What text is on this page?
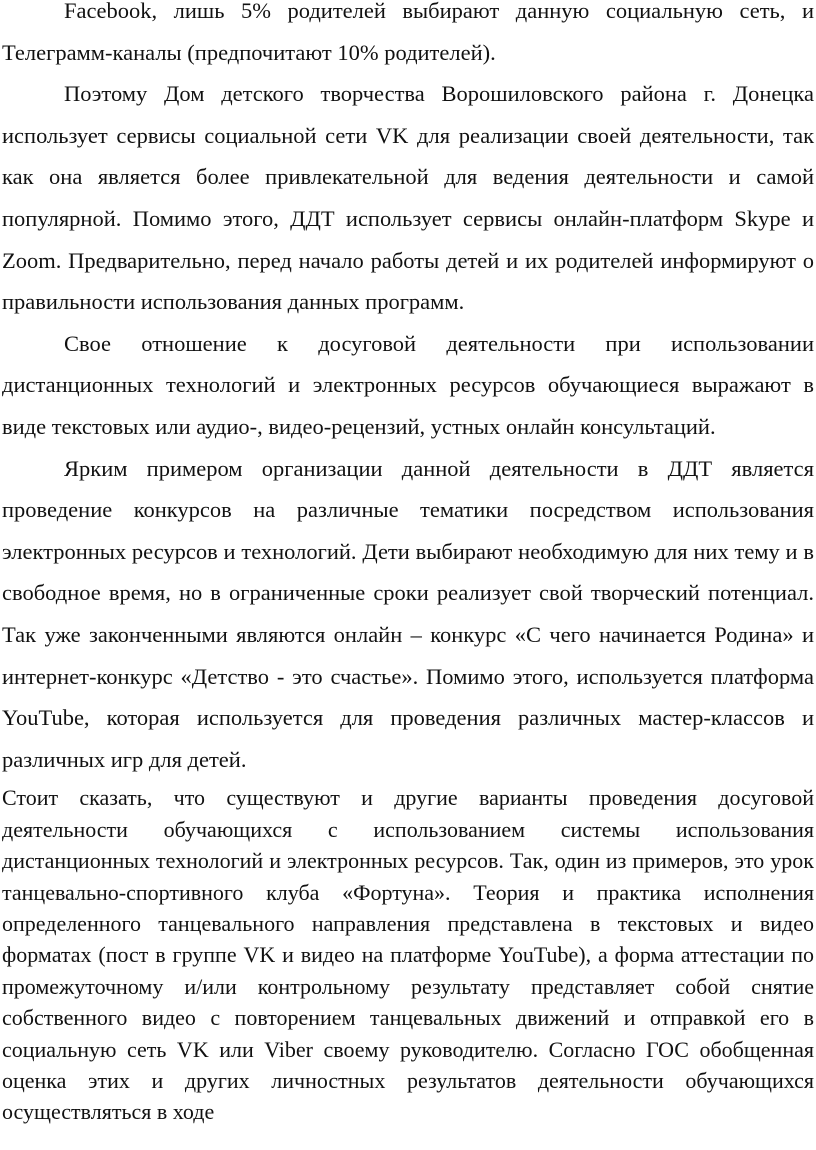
Facebook, лишь 5% родителей выбирают данную социальную сеть, и Телеграмм-каналы (предпочитают 10% родителей).

Поэтому Дом детского творчества Ворошиловского района г. Донецка использует сервисы социальной сети VK для реализации своей деятельности, так как она является более привлекательной для ведения деятельности и самой популярной. Помимо этого, ДДТ использует сервисы онлайн-платформ Skype и Zoom. Предварительно, перед начало работы детей и их родителей информируют о правильности использования данных программ.

Свое отношение к досуговой деятельности при использовании дистанционных технологий и электронных ресурсов обучающиеся выражают в виде текстовых или аудио-, видео-рецензий, устных онлайн консультаций.

Ярким примером организации данной деятельности в ДДТ является проведение конкурсов на различные тематики посредством использования электронных ресурсов и технологий. Дети выбирают необходимую для них тему и в свободное время, но в ограниченные сроки реализует свой творческий потенциал. Так уже законченными являются онлайн – конкурс «С чего начинается Родина» и интернет-конкурс «Детство - это счастье». Помимо этого, используется платформа YouTube, которая используется для проведения различных мастер-классов и различных игр для детей.

Стоит сказать, что существуют и другие варианты проведения досуговой деятельности обучающихся с использованием системы использования дистанционных технологий и электронных ресурсов. Так, один из примеров, это урок танцевально-спортивного клуба «Фортуна». Теория и практика исполнения определенного танцевального направления представлена в текстовых и видео форматах (пост в группе VK и видео на платформе YouTube), а форма аттестации по промежуточному и/или контрольному результату представляет собой снятие собственного видео с повторением танцевальных движений и отправкой его в социальную сеть VK или Viber своему руководителю. Согласно ГОС обобщенная оценка этих и других личностных результатов деятельности обучающихся осуществляться в ходе
